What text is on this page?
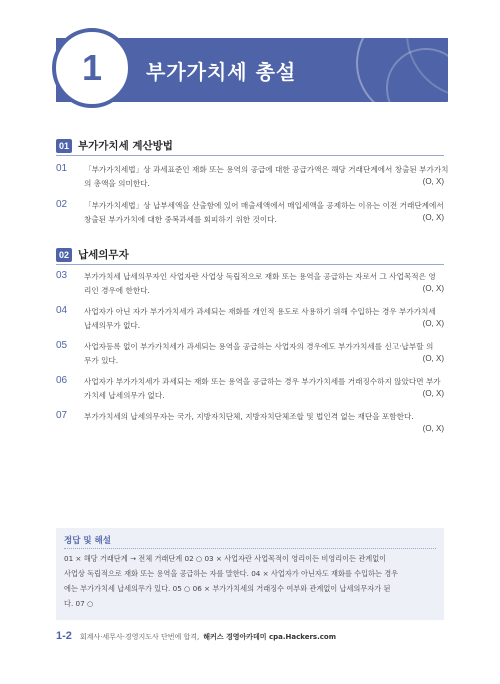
1 부가가치세 총설
01 부가가치세 계산방법
01 「부가가치세법」상 과세표준인 재화 또는 용역의 공급에 대한 공급가액은 해당 거래단계에서 창출된 부가가치
의 총액을 의미한다.	(O, X)
02 「부가가치세법」상 납부세액을 산출함에 있어 매출세액에서 매입세액을 공제하는 이유는 이전 거래단계에서
창출된 부가가치에 대한 중복과세를 회피하기 위한 것이다.	(O, X)
02 납세의무자
03 부가가치세 납세의무자인 사업자란 사업상 독립적으로 재화 또는 용역을 공급하는 자로서 그 사업목적은 영
리인 경우에 한한다.	(O, X)
04 사업자가 아닌 자가 부가가치세가 과세되는 재화를 개인적 용도로 사용하기 위해 수입하는 경우 부가가치세
납세의무가 없다.	(O, X)
05 사업자등록 없이 부가가치세가 과세되는 용역을 공급하는 사업자의 경우에도 부가가치세를 신고·납부할 의
무가 있다.	(O, X)
06 사업자가 부가가치세가 과세되는 재화 또는 용역을 공급하는 경우 부가가치세를 거래징수하지 않았다면 부가
가치세 납세의무가 없다.	(O, X)
07 부가가치세의 납세의무자는 국가, 지방자치단체, 지방자치단체조합 및 법인격 없는 재단을 포함한다.
(O, X)
정답 및 해설
01 × 해당 거래단계 → 전체 거래단계 02 ○ 03 × 사업자란 사업목적이 영리이든 비영리이든 관계없이
사업상 독립적으로 재화 또는 용역을 공급하는 자를 말한다. 04 × 사업자가 아닌자도 재화를 수입하는 경우
에는 부가가치세 납세의무가 있다. 05 ○ 06 × 부가가치세의 거래징수 여부와 관계없이 납세의무자가 된
다. 07 ○
1-2 회계사·세무사·경영지도사 단번에 합격, 해커스 경영아카데미 cpa.Hackers.com
